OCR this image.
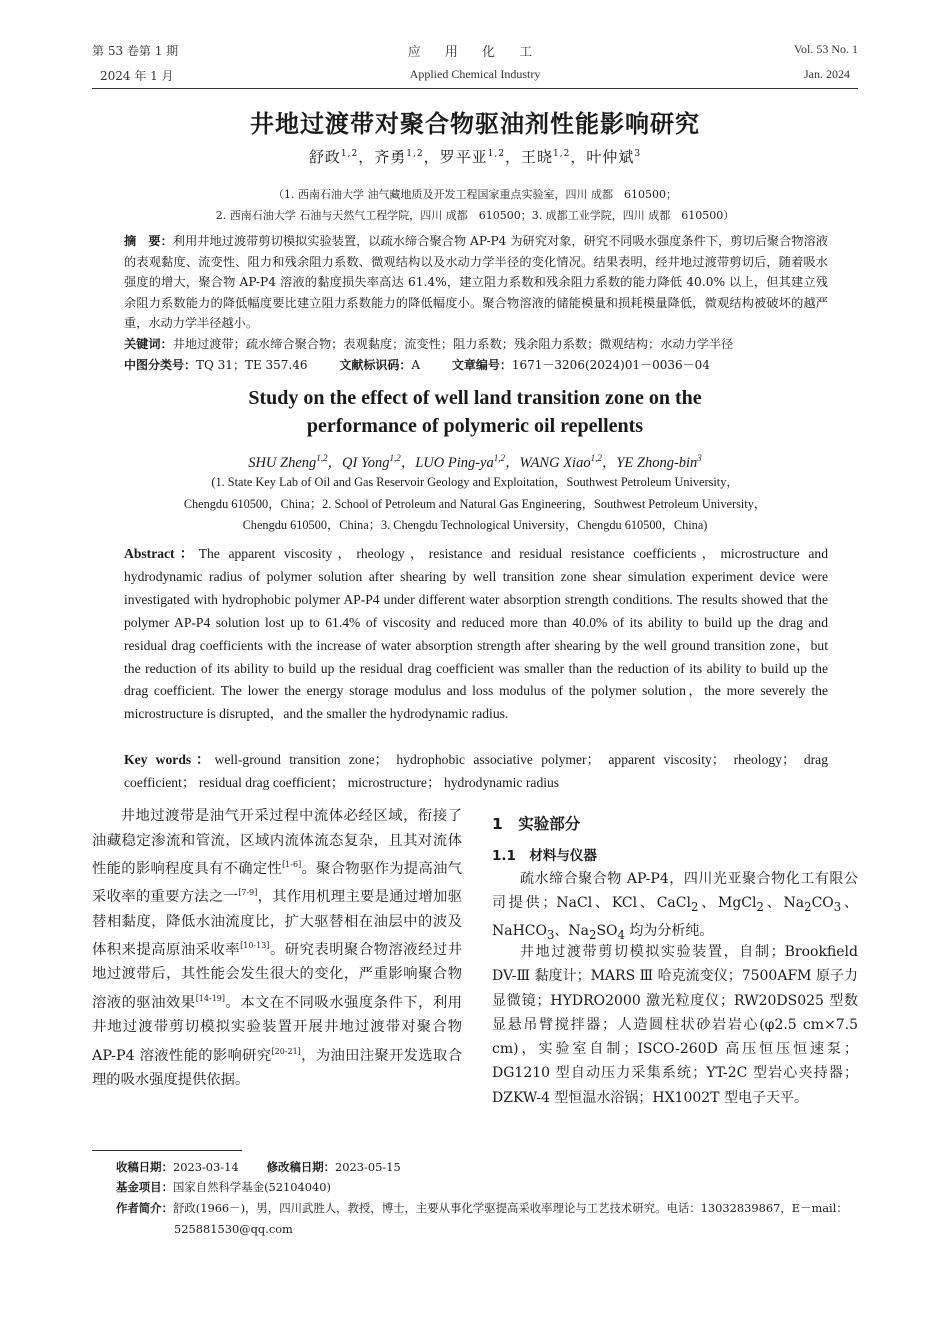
第 53 卷第 1 期
2024 年 1 月
应 用 化 工
Applied Chemical Industry
Vol. 53 No. 1
Jan. 2024
井地过渡带对聚合物驱油剂性能影响研究
舒政$^{1,2}$，齐勇$^{1,2}$，罗平亚$^{1,2}$，王晓$^{1,2}$，叶仲斌$^3$
（1. 西南石油大学 油气藏地质及开发工程国家重点实验室，四川 成都　610500；
2. 西南石油大学 石油与天然气工程学院，四川 成都　610500；3. 成都工业学院，四川 成都　610500）
摘　要：利用井地过渡带剪切模拟实验装置，以疏水缔合聚合物 AP-P4 为研究对象，研究不同吸水强度条件下，剪切后聚合物溶液的表观黏度、流变性、阻力和残余阻力系数、微观结构以及水动力学半径的变化情况。结果表明，经井地过渡带剪切后，随着吸水强度的增大，聚合物 AP-P4 溶液的黏度损失率高达 61.4%，建立阻力系数和残余阻力系数的能力降低 40.0% 以上，但其建立残余阻力系数能力的降低幅度要比建立阻力系数能力的降低幅度小。聚合物溶液的储能模量和损耗模量降低，微观结构被破坏的越严重，水动力学半径越小。
关键词：井地过渡带；疏水缔合聚合物；表观黏度；流变性；阻力系数；残余阻力系数；微观结构；水动力学半径
中图分类号：TQ 31；TE 357.46	文献标识码：A	文章编号：1671－3206(2024)01－0036－04
Study on the effect of well land transition zone on the
performance of polymeric oil repellents
SHU Zheng$^{1,2}$，QI Yong$^{1,2}$，LUO Ping-ya$^{1,2}$，WANG Xiao$^{1,2}$，YE Zhong-bin$^3$
(1. State Key Lab of Oil and Gas Reservoir Geology and Exploitation，Southwest Petroleum University，
Chengdu 610500，China；2. School of Petroleum and Natural Gas Engineering，Southwest Petroleum University，
Chengdu 610500，China；3. Chengdu Technological University，Chengdu 610500，China)
Abstract：The apparent viscosity，rheology，resistance and residual resistance coefficients，microstructure and hydrodynamic radius of polymer solution after shearing by well transition zone shear simulation experiment device were investigated with hydrophobic polymer AP-P4 under different water absorption strength conditions. The results showed that the polymer AP-P4 solution lost up to 61.4% of viscosity and reduced more than 40.0% of its ability to build up the drag and residual drag coefficients with the increase of water absorption strength after shearing by the well ground transition zone，but the reduction of its ability to build up the residual drag coefficient was smaller than the reduction of its ability to build up the drag coefficient. The lower the energy storage modulus and loss modulus of the polymer solution，the more severely the microstructure is disrupted，and the smaller the hydrodynamic radius.
Key words：well-ground transition zone； hydrophobic associative polymer； apparent viscosity； rheology； drag coefficient； residual drag coefficient； microstructure； hydrodynamic radius
井地过渡带是油气开采过程中流体必经区域，衔接了油藏稳定渗流和管流，区域内流体流态复杂，且其对流体性能的影响程度具有不确定性[1-6]。聚合物驱作为提高油气采收率的重要方法之一[7-9]，其作用机理主要是通过增加驱替相黏度，降低水油流度比，扩大驱替相在油层中的波及体积来提高原油采收率[10-13]。研究表明聚合物溶液经过井地过渡带后，其性能会发生很大的变化，严重影响聚合物溶液的驱油效果[14-19]。本文在不同吸水强度条件下，利用井地过渡带剪切模拟实验装置开展井地过渡带对聚合物 AP-P4 溶液性能的影响研究[20-21]，为油田注聚开发选取合理的吸水强度提供依据。
1　实验部分
1.1　材料与仪器
疏水缔合聚合物 AP-P4，四川光亚聚合物化工有限公司提供；NaCl、KCl、CaCl$_2$、MgCl$_2$、$Na_2CO_3$、NaHCO$_3$、$Na_2SO_4$ 均为分析纯。
井地过渡带剪切模拟实验装置，自制；Brookfield DV-Ⅲ 黏度计；MARS Ⅲ 哈克流变仪；7500AFM 原子力显微镜；HYDRO2000 激光粒度仪；RW20DS025 型数显悬吊臂搅拌器；人造圆柱状砂岩岩心(φ2.5 cm×7.5 cm)，实验室自制；ISCO-260D 高压恒压恒速泵；DG1210 型自动压力采集系统；YT-2C 型岩心夹持器；DZKW-4 型恒温水浴锅；HX1002T 型电子天平。
收稿日期：2023-03-14 修改稿日期：2023-05-15
基金项目：国家自然科学基金(52104040)
作者简介：舒政(1966－)，男，四川武胜人，教授，博士，主要从事化学驱提高采收率理论与工艺技术研究。电话：13032839867，E－mail：
525881530@qq.com
